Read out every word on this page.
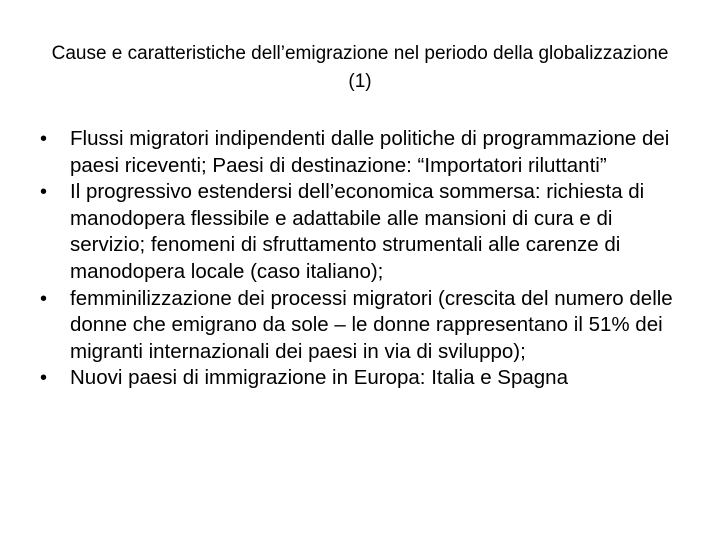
Cause e caratteristiche dell’emigrazione nel periodo della globalizzazione (1)
•	Flussi migratori indipendenti dalle politiche di programmazione dei paesi riceventi; Paesi di destinazione: “Importatori riluttanti”
•	Il progressivo estendersi dell’economica sommersa: richiesta di manodopera flessibile e adattabile alle mansioni di cura e di servizio; fenomeni di sfruttamento strumentali alle carenze di manodopera locale (caso italiano);
•	femminilizzazione dei processi migratori (crescita del numero delle donne che emigrano da sole – le donne rappresentano il 51% dei migranti internazionali dei paesi in via di sviluppo);
•	Nuovi paesi di immigrazione in Europa: Italia e Spagna
